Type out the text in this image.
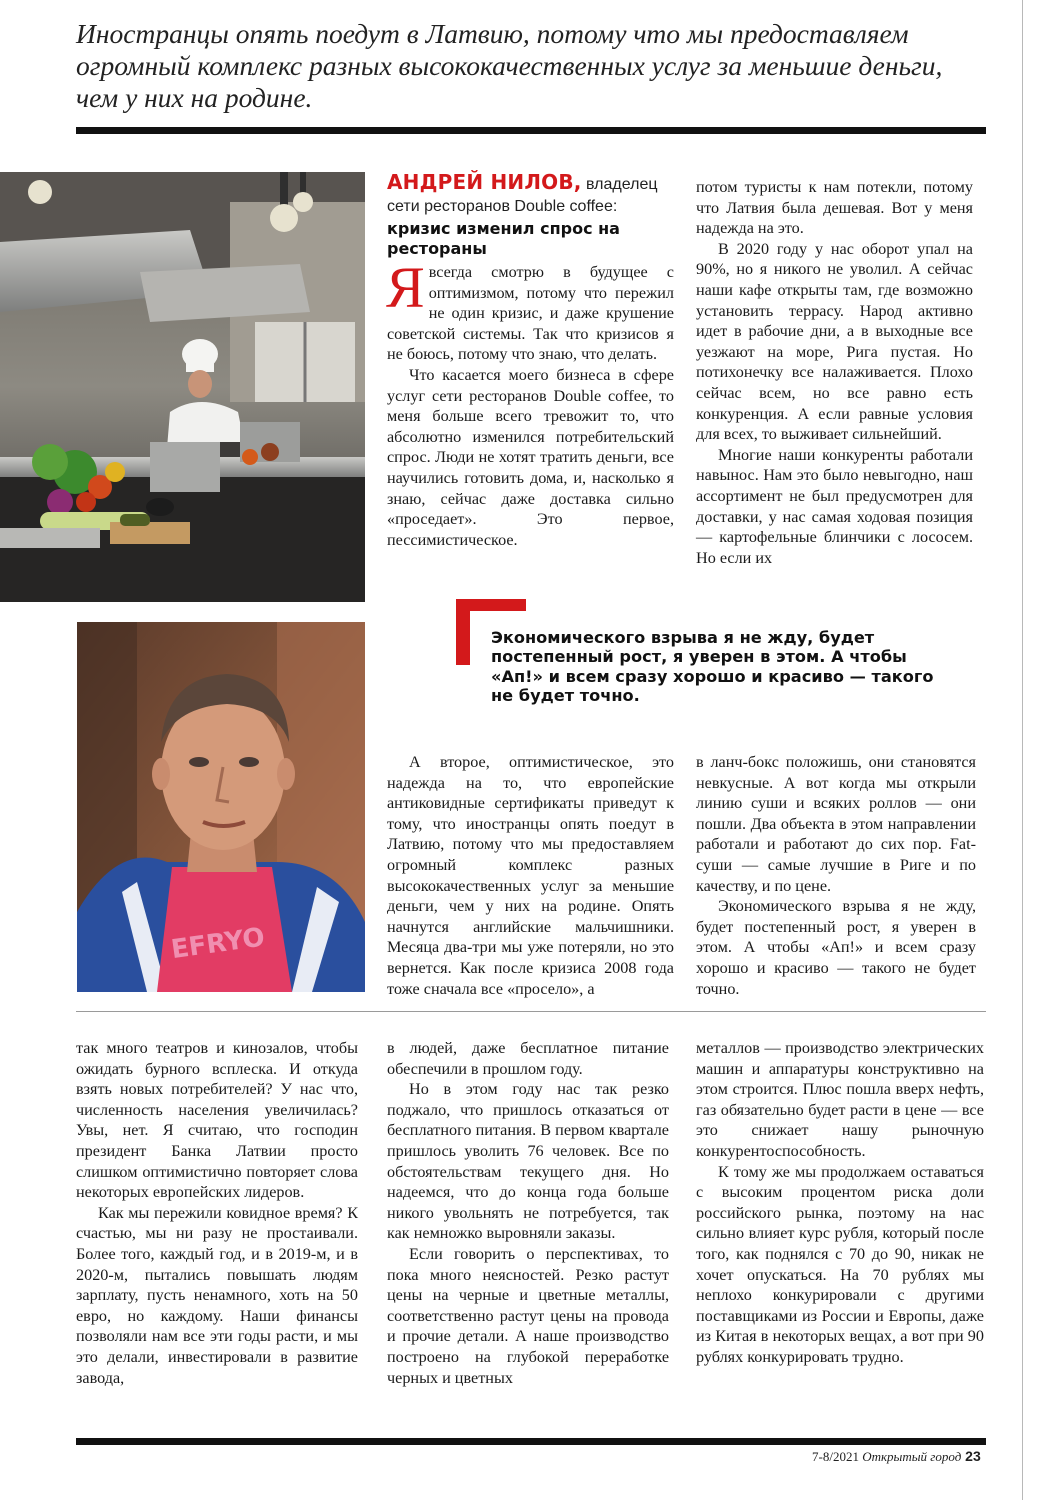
Иностранцы опять поедут в Латвию, потому что мы предоставляем огромный комплекс разных высококачественных услуг за меньшие деньги, чем у них на родине.
АНДРЕЙ НИЛОВ, владелец сети ресторанов Double coffee:
кризис изменил спрос на рестораны

Я всегда смотрю в будущее с оптимизмом, потому что пережил не один кризис, и даже крушение советской системы. Так что кризисов я не боюсь, потому что знаю, что делать.

Что касается моего бизнеса в сфере услуг сети ресторанов Double coffee, то меня больше всего тревожит то, что абсолютно изменился потребительский спрос. Люди не хотят тратить деньги, все научились готовить дома, и, насколько я знаю, сейчас даже доставка сильно «проседает». Это первое, пессимистическое.

потом туристы к нам потекли, потому что Латвия была дешевая. Вот у меня надежда на это.

В 2020 году у нас оборот упал на 90%, но я никого не уволил. А сейчас наши кафе открыты там, где возможно установить террасу. Народ активно идет в рабочие дни, а в выходные все уезжают на море, Рига пустая. Но потихонечку все налаживается. Плохо сейчас всем, но все равно есть конкуренция. А если равные условия для всех, то выживает сильнейший.

Многие наши конкуренты работали навынос. Нам это было невыгодно, наш ассортимент не был предусмотрен для доставки, у нас самая ходовая позиция — картофельные блинчики с лососем. Но если их

EFRYO
Экономического взрыва я не жду, будет постепенный рост, я уверен в этом. А чтобы «Ап!» и всем сразу хорошо и красиво — такого не будет точно.

А второе, оптимистическое, это надежда на то, что европейские антиковидные сертификаты приведут к тому, что иностранцы опять поедут в Латвию, потому что мы предоставляем огромный комплекс разных высококачественных услуг за меньшие деньги, чем у них на родине. Опять начнутся английские мальчишники. Месяца два-три мы уже потеряли, но это вернется. Как после кризиса 2008 года тоже сначала все «просело», а

в ланч-бокс положишь, они становятся невкусные. А вот когда мы открыли линию суши и всяких роллов — они пошли. Два объекта в этом направлении работали и работают до сих пор. Fat-суши — самые лучшие в Риге и по качеству, и по цене.

Экономического взрыва я не жду, будет постепенный рост, я уверен в этом. А чтобы «Ап!» и всем сразу хорошо и красиво — такого не будет точно.

так много театров и кинозалов, чтобы ожидать бурного всплеска. И откуда взять новых потребителей? У нас что, численность населения увеличилась? Увы, нет. Я считаю, что господин президент Банка Латвии просто слишком оптимистично повторяет слова некоторых европейских лидеров.

Как мы пережили ковидное время? К счастью, мы ни разу не простаивали. Более того, каждый год, и в 2019-м, и в 2020-м, пытались повышать людям зарплату, пусть ненамного, хоть на 50 евро, но каждому. Наши финансы позволяли нам все эти годы расти, и мы это делали, инвестировали в развитие завода,

в людей, даже бесплатное питание обеспечили в прошлом году.

Но в этом году нас так резко поджало, что пришлось отказаться от бесплатного питания. В первом квартале пришлось уволить 76 человек. Все по обстоятельствам текущего дня. Но надеемся, что до конца года больше никого увольнять не потребуется, так как немножко выровняли заказы.

Если говорить о перспективах, то пока много неясностей. Резко растут цены на черные и цветные металлы, соответственно растут цены на провода и прочие детали. А наше производство построено на глубокой переработке черных и цветных

металлов — производство электрических машин и аппаратуры конструктивно на этом строится. Плюс пошла вверх нефть, газ обязательно будет расти в цене — все это снижает нашу рыночную конкурентоспособность.

К тому же мы продолжаем оставаться с высоким процентом риска доли российского рынка, поэтому на нас сильно влияет курс рубля, который после того, как поднялся с 70 до 90, никак не хочет опускаться. На 70 рублях мы неплохо конкурировали с другими поставщиками из России и Европы, даже из Китая в некоторых вещах, а вот при 90 рублях конкурировать трудно.

7-8/2021 Открытый город 23
